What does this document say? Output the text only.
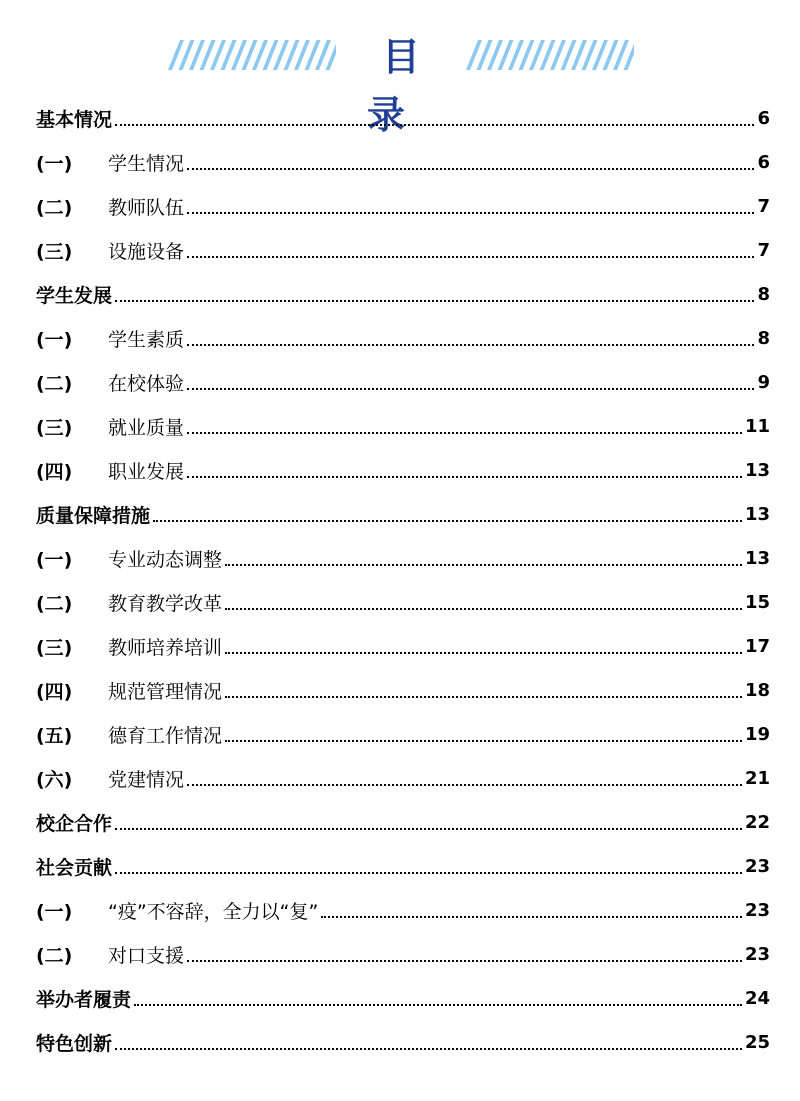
目 录
基本情况	6
(一)	学生情况	6
(二)	教师队伍	7
(三)	设施设备	7
学生发展	8
(一)	学生素质	8
(二)	在校体验	9
(三)	就业质量	11
(四)	职业发展	13
质量保障措施	13
(一)	专业动态调整	13
(二)	教育教学改革	15
(三)	教师培养培训	17
(四)	规范管理情况	18
(五)	德育工作情况	19
(六)	党建情况	21
校企合作	22
社会贡献	23
(一)	“疫”不容辞，全力以“复”	23
(二)	对口支援	23
举办者履责	24
特色创新	25
